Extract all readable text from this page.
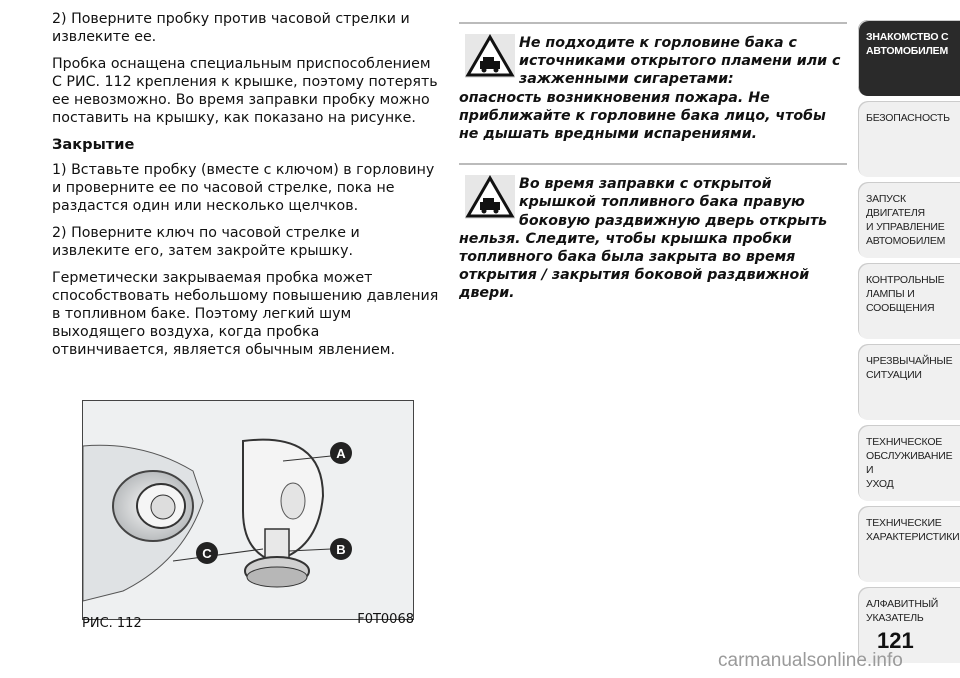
2) Поверните пробку против часовой стрелки и извлеките ее.

Пробка оснащена специальным приспособлением С РИС. 112 крепления к крышке, поэтому потерять ее невозможно. Во время заправки пробку можно поставить на крышку, как показано на рисунке.

Закрытие

1) Вставьте пробку (вместе с ключом) в горловину и проверните ее по часовой стрелке, пока не раздастся один или несколько щелчков.

2) Поверните ключ по часовой стрелке и извлеките его, затем закройте крышку.

Герметически закрываемая пробка может способствовать небольшому повышению давления в топливном баке. Поэтому легкий шум выходящего воздуха, когда пробка отвинчивается, является обычным явлением.

Не подходите к горловине бака с источниками открытого пламени или с зажженными сигаретами:
опасность возникновения пожара. Не приближайте к горловине бака лицо, чтобы не дышать вредными испарениями.
Во время заправки с открытой крышкой топливного бака правую боковую раздвижную дверь открыть
нельзя. Следите, чтобы крышка пробки топливного бака была закрыта во время открытия / закрытия боковой раздвижной двери.
A
B
C
РИС. 112	F0T0068
ЗНАКОМСТВО С
АВТОМОБИЛЕМ
БЕЗОПАСНОСТЬ
ЗАПУСК ДВИГАТЕЛЯ
И УПРАВЛЕНИЕ
АВТОМОБИЛЕМ
КОНТРОЛЬНЫЕ
ЛАМПЫ И
СООБЩЕНИЯ
ЧРЕЗВЫЧАЙНЫЕ
СИТУАЦИИ
ТЕХНИЧЕСКОЕ
ОБСЛУЖИВАНИЕ И
УХОД
ТЕХНИЧЕСКИЕ
ХАРАКТЕРИСТИКИ
АЛФАВИТНЫЙ
УКАЗАТЕЛЬ
121
carmanualsonline.info
